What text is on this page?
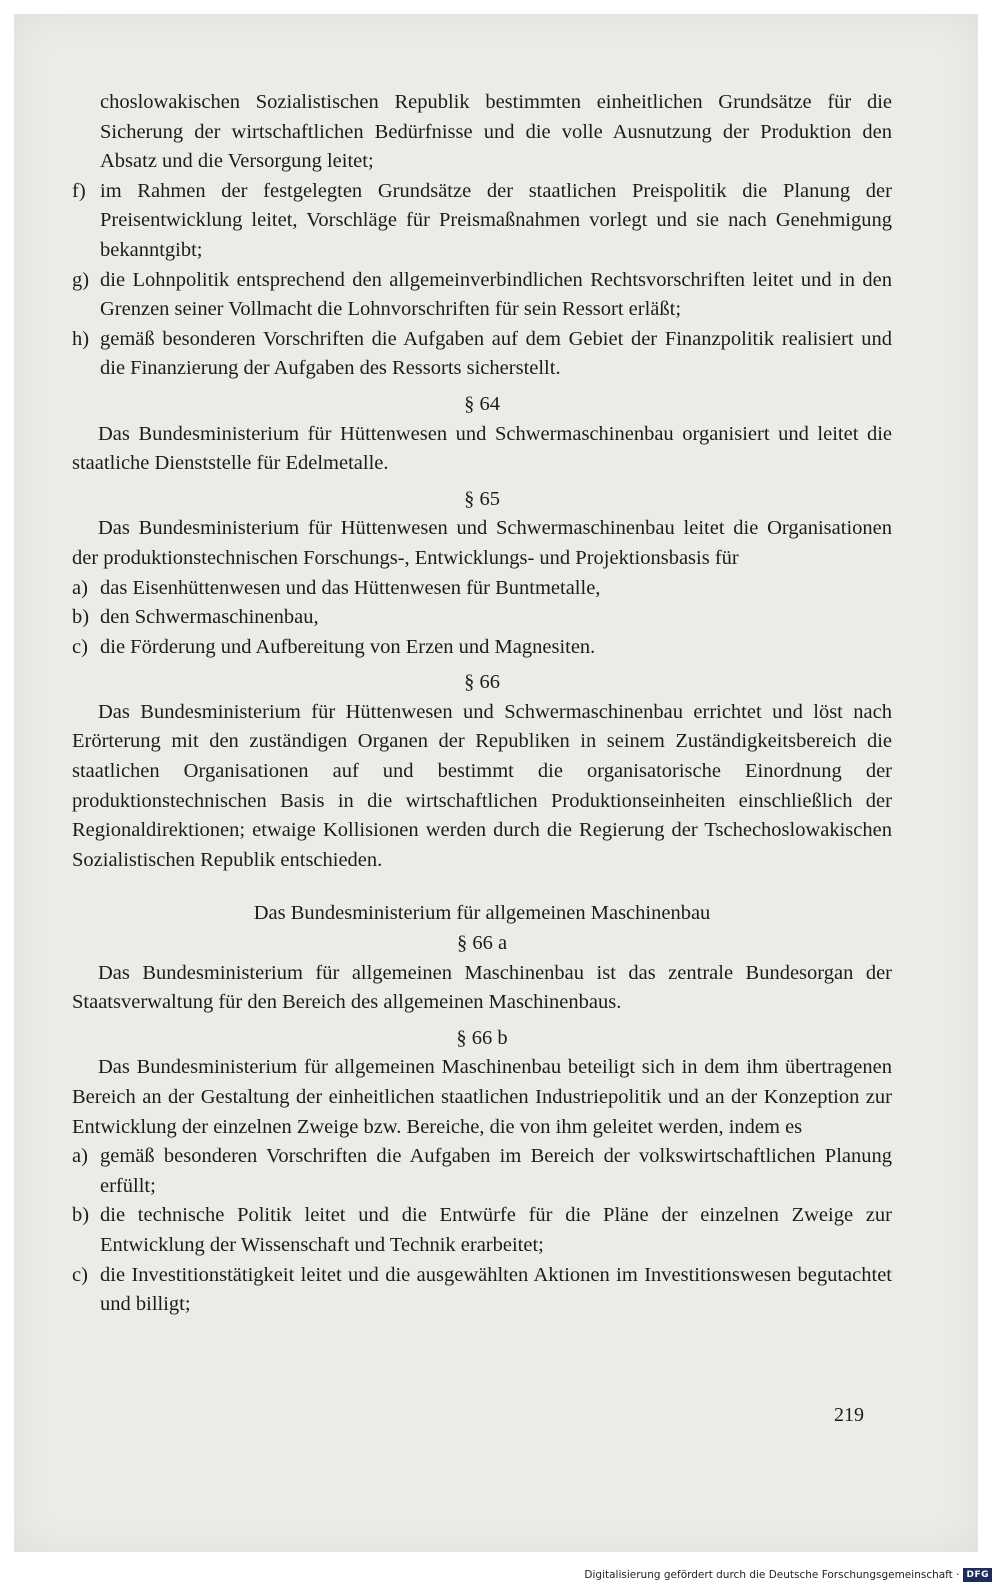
choslowakischen Sozialistischen Republik bestimmten einheitlichen Grundsätze für die Sicherung der wirtschaftlichen Bedürfnisse und die volle Ausnutzung der Produktion den Absatz und die Versorgung leitet;

f) im Rahmen der festgelegten Grundsätze der staatlichen Preispolitik die Planung der Preisentwicklung leitet, Vorschläge für Preismaßnahmen vorlegt und sie nach Genehmigung bekanntgibt;

g) die Lohnpolitik entsprechend den allgemeinverbindlichen Rechtsvorschriften leitet und in den Grenzen seiner Vollmacht die Lohnvorschriften für sein Ressort erläßt;

h) gemäß besonderen Vorschriften die Aufgaben auf dem Gebiet der Finanzpolitik realisiert und die Finanzierung der Aufgaben des Ressorts sicherstellt.

§ 64

Das Bundesministerium für Hüttenwesen und Schwermaschinenbau organisiert und leitet die staatliche Dienststelle für Edelmetalle.

§ 65

Das Bundesministerium für Hüttenwesen und Schwermaschinenbau leitet die Organisationen der produktionstechnischen Forschungs-, Entwicklungs- und Projektionsbasis für

a) das Eisenhüttenwesen und das Hüttenwesen für Buntmetalle,

b) den Schwermaschinenbau,

c) die Förderung und Aufbereitung von Erzen und Magnesiten.

§ 66

Das Bundesministerium für Hüttenwesen und Schwermaschinenbau errichtet und löst nach Erörterung mit den zuständigen Organen der Republiken in seinem Zuständigkeitsbereich die staatlichen Organisationen auf und bestimmt die organisatorische Einordnung der produktionstechnischen Basis in die wirtschaftlichen Produktionseinheiten einschließlich der Regionaldirektionen; etwaige Kollisionen werden durch die Regierung der Tschechoslowakischen Sozialistischen Republik entschieden.

Das Bundesministerium für allgemeinen Maschinenbau

§ 66 a

Das Bundesministerium für allgemeinen Maschinenbau ist das zentrale Bundesorgan der Staatsverwaltung für den Bereich des allgemeinen Maschinenbaus.

§ 66 b

Das Bundesministerium für allgemeinen Maschinenbau beteiligt sich in dem ihm übertragenen Bereich an der Gestaltung der einheitlichen staatlichen Industriepolitik und an der Konzeption zur Entwicklung der einzelnen Zweige bzw. Bereiche, die von ihm geleitet werden, indem es

a) gemäß besonderen Vorschriften die Aufgaben im Bereich der volkswirtschaftlichen Planung erfüllt;

b) die technische Politik leitet und die Entwürfe für die Pläne der einzelnen Zweige zur Entwicklung der Wissenschaft und Technik erarbeitet;

c) die Investitionstätigkeit leitet und die ausgewählten Aktionen im Investitionswesen begutachtet und billigt;

219
Digitalisierung gefördert durch die Deutsche Forschungsgemeinschaft · DFG
